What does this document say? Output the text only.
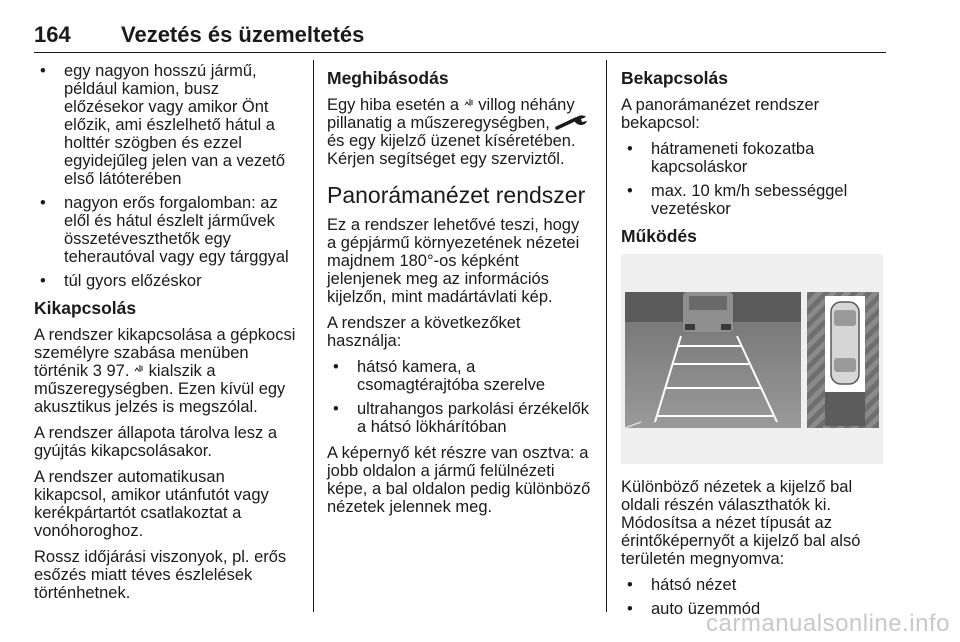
164 Vezetés és üzemeltetés
• egy nagyon hosszú jármű, például kamion, busz előzésekor vagy amikor Önt előzik, ami észlelhető hátul a holttér szögben és ezzel egyidejűleg jelen van a vezető első látóterében
• nagyon erős forgalomban: az elől és hátul észlelt járművek összetéveszthetők egy teherautóval vagy egy tárggyal
• túl gyors előzéskor
Kikapcsolás

A rendszer kikapcsolása a gépkocsi személyre szabása menüben történik 3 97.  kialszik a műszeregységben. Ezen kívül egy akusztikus jelzés is megszólal.

A rendszer állapota tárolva lesz a gyújtás kikapcsolásakor.

A rendszer automatikusan kikapcsol, amikor utánfutót vagy kerékpártartót csatlakoztat a vonóhoroghoz.

Rossz időjárási viszonyok, pl. erős esőzés miatt téves észlelések történhetnek.

Meghibásodás

Egy hiba esetén a  villog néhány pillanatig a műszeregységben,  és egy kijelző üzenet kíséretében. Kérjen segítséget egy szerviztől.

Panorámanézet rendszer

Ez a rendszer lehetővé teszi, hogy a gépjármű környezetének nézetei majdnem 180°-os képként jelenjenek meg az információs kijelzőn, mint madártávlati kép.

A rendszer a következőket használja:

• hátsó kamera, a csomagtérajtóba szerelve
• ultrahangos parkolási érzékelők a hátsó lökhárítóban

A képernyő két részre van osztva: a jobb oldalon a jármű felülnézeti képe, a bal oldalon pedig különböző nézetek jelennek meg.

Bekapcsolás

A panorámanézet rendszer bekapcsol:

• hátrameneti fokozatba kapcsoláskor
• max. 10 km/h sebességgel vezetéskor
Működés

Különböző nézetek a kijelző bal oldali részén választhatók ki. Módosítsa a nézet típusát az érintőképernyőt a kijelző bal alsó területén megnyomva:

• hátsó nézet
• auto üzemmód
carmanualsonline.info
